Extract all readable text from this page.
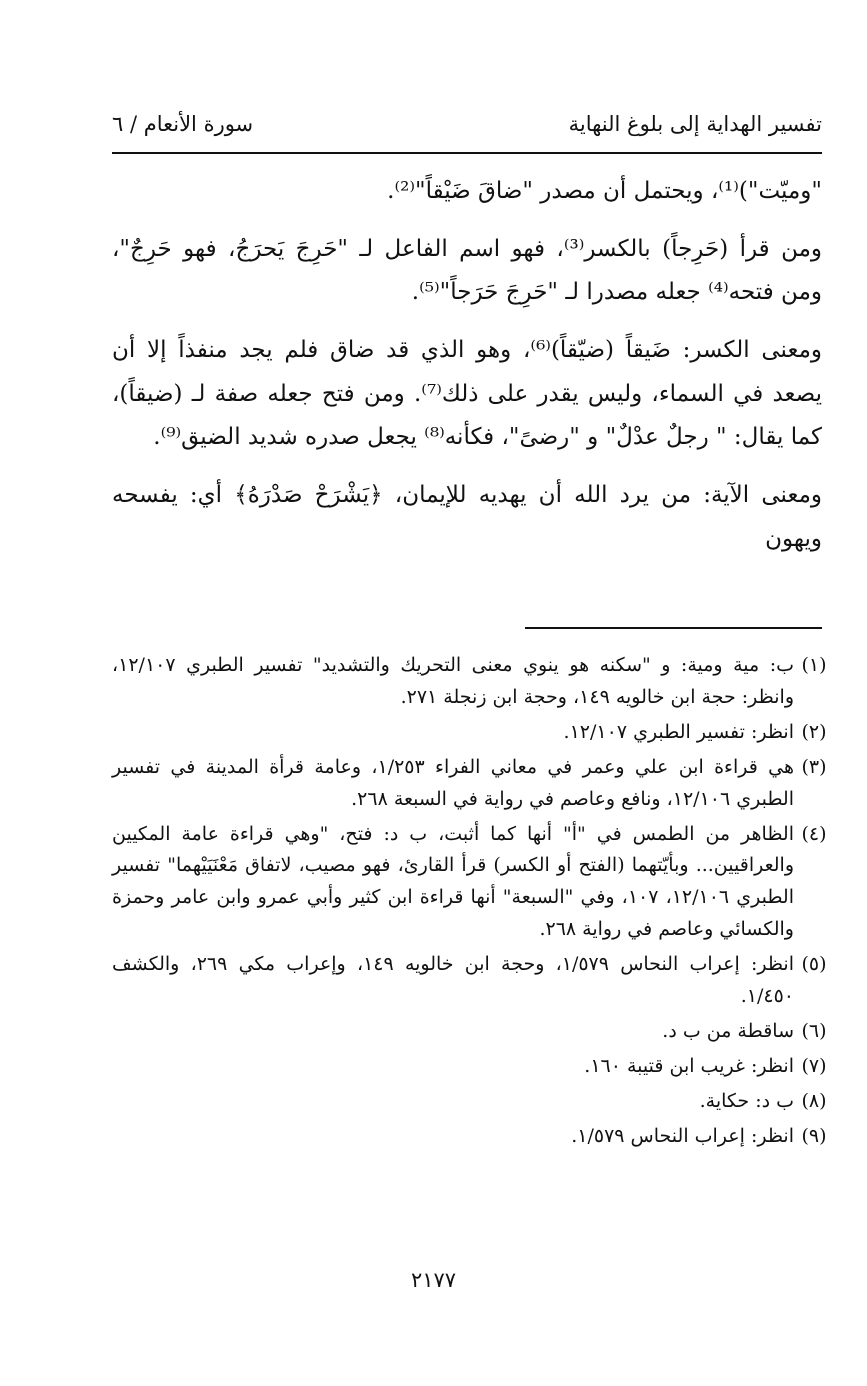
تفسير الهداية إلى بلوغ النهاية
سورة الأنعام / ٦

"وميّت")⁽¹⁾، ويحتمل أن مصدر "ضاقَ ضَيْقاً"⁽²⁾.

ومن قرأ (حَرِجاً) بالكسر⁽³⁾، فهو اسم الفاعل لـ "حَرِجَ يَحرَجُ، فهو حَرِجٌ"، ومن فتحه⁽⁴⁾ جعله مصدرا لـ "حَرِجَ حَرَجاً"⁽⁵⁾.

ومعنى الكسر: ضَيقاً (ضيّقاً)⁽⁶⁾، وهو الذي قد ضاق فلم يجد منفذاً إلا أن يصعد في السماء، وليس يقدر على ذلك⁽⁷⁾. ومن فتح جعله صفة لـ (ضيقاً)، كما يقال: " رجلٌ عدْلٌ" و "رضىً"، فكأنه⁽⁸⁾ يجعل صدره شديد الضيق⁽⁹⁾.

ومعنى الآية: من يرد الله أن يهديه للإيمان، ﴿يَشْرَحْ صَدْرَهُ﴾ أي: يفسحه ويهون

(١)
ب: مية ومية: و "سكنه هو ينوي معنى التحريك والتشديد" تفسير الطبري ١٢/١٠٧، وانظر: حجة ابن خالويه ١٤٩، وحجة ابن زنجلة ٢٧١.
(٢)
انظر: تفسير الطبري ١٢/١٠٧.
(٣)
هي قراءة ابن علي وعمر في معاني الفراء ١/٢٥٣، وعامة قرأة المدينة في تفسير الطبري ١٢/١٠٦، ونافع وعاصم في رواية في السبعة ٢٦٨.
(٤)
الظاهر من الطمس في "أ" أنها كما أثبت، ب د: فتح، "وهي قراءة عامة المكيين والعراقيين... وبأيّتهما (الفتح أو الكسر) قرأ القارئ، فهو مصيب، لاتفاق مَعْنَيَيْهما" تفسير الطبري ١٢/١٠٦، ١٠٧، وفي "السبعة" أنها قراءة ابن كثير وأبي عمرو وابن عامر وحمزة والكسائي وعاصم في رواية ٢٦٨.
(٥)
انظر: إعراب النحاس ١/٥٧٩، وحجة ابن خالويه ١٤٩، وإعراب مكي ٢٦٩، والكشف ١/٤٥٠.
(٦)
ساقطة من ب د.
(٧)
انظر: غريب ابن قتيبة ١٦٠.
(٨)
ب د: حكاية.
(٩)
انظر: إعراب النحاس ١/٥٧٩.
٢١٧٧
